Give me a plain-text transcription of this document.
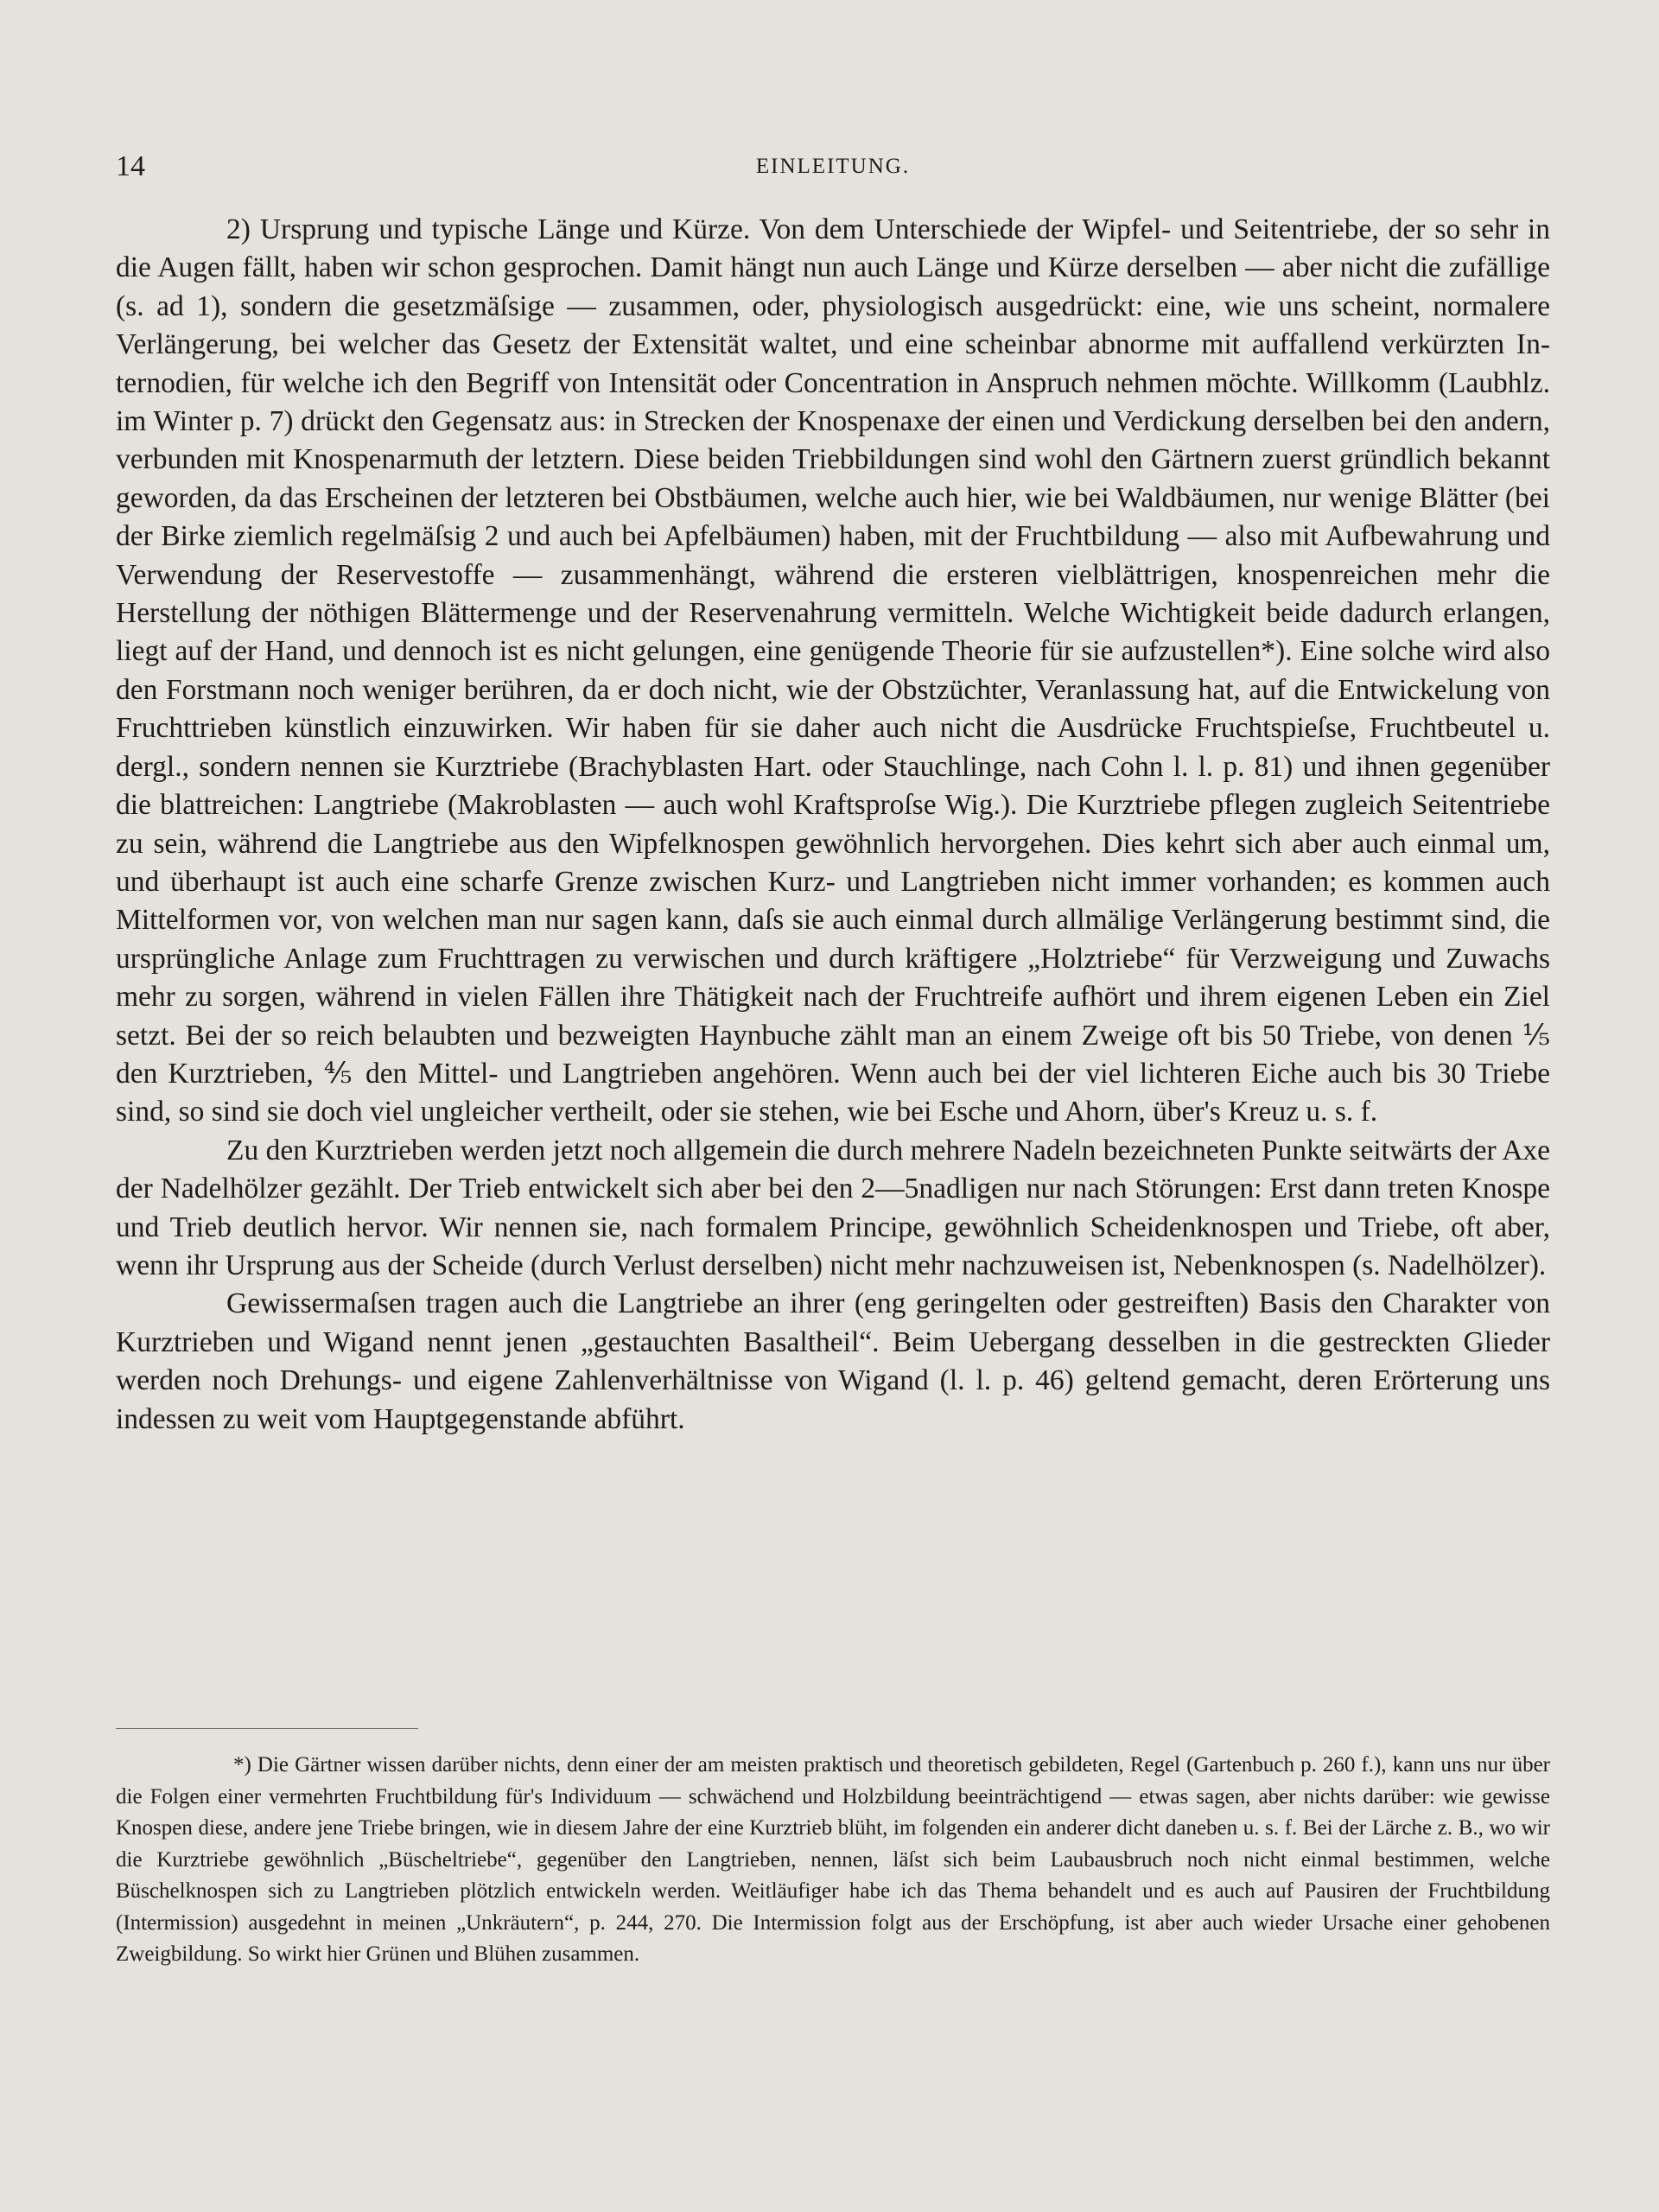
14	EINLEITUNG.

2) Ursprung und typische Länge und Kürze. Von dem Unterschiede der Wipfel- und Seitentriebe, der so sehr in die Augen fällt, haben wir schon gesprochen. Damit hängt nun auch Länge und Kürze derselben — aber nicht die zufällige (s. ad 1), sondern die gesetzmäſsige — zusammen, oder, physiologisch ausgedrückt: eine, wie uns scheint, normalere Verlängerung, bei welcher das Gesetz der Extensität waltet, und eine scheinbar abnorme mit auffallend verkürzten Internodien, für welche ich den Begriff von Intensität oder Concentration in Anspruch nehmen möchte. Willkomm (Laubhlz. im Winter p. 7) drückt den Gegensatz aus: in Strecken der Knospenaxe der einen und Verdickung derselben bei den andern, verbunden mit Knospenarmuth der letztern. Diese beiden Triebbildungen sind wohl den Gärtnern zuerst gründlich bekannt geworden, da das Erscheinen der letzteren bei Obstbäumen, welche auch hier, wie bei Waldbäumen, nur wenige Blätter (bei der Birke ziemlich regelmäſsig 2 und auch bei Apfelbäumen) haben, mit der Fruchtbildung — also mit Aufbewahrung und Verwendung der Reservestoffe — zusammenhängt, während die ersteren vielblättrigen, knospenreichen mehr die Herstellung der nöthigen Blättermenge und der Reservenahrung vermitteln. Welche Wichtigkeit beide dadurch erlangen, liegt auf der Hand, und dennoch ist es nicht gelungen, eine genügende Theorie für sie aufzustellen*). Eine solche wird also den Forstmann noch weniger berühren, da er doch nicht, wie der Obstzüchter, Veranlassung hat, auf die Entwickelung von Fruchttrieben künstlich einzuwirken. Wir haben für sie daher auch nicht die Ausdrücke Fruchtspieſse, Fruchtbeutel u. dergl., sondern nennen sie Kurztriebe (Brachyblasten Hart. oder Stauchlinge, nach Cohn l. l. p. 81) und ihnen gegenüber die blattreichen: Langtriebe (Makroblasten — auch wohl Kraftsproſse Wig.). Die Kurztriebe pflegen zugleich Seitentriebe zu sein, während die Langtriebe aus den Wipfelknospen gewöhnlich hervorgehen. Dies kehrt sich aber auch einmal um, und überhaupt ist auch eine scharfe Grenze zwischen Kurz- und Langtrieben nicht immer vorhanden; es kommen auch Mittelformen vor, von welchen man nur sagen kann, daſs sie auch einmal durch allmälige Verlängerung bestimmt sind, die ursprüngliche Anlage zum Fruchttragen zu verwischen und durch kräftigere „Holztriebe“ für Verzweigung und Zuwachs mehr zu sorgen, während in vielen Fällen ihre Thätigkeit nach der Fruchtreife aufhört und ihrem eigenen Leben ein Ziel setzt. Bei der so reich belaubten und bezweigten Haynbuche zählt man an einem Zweige oft bis 50 Triebe, von denen ⅕ den Kurztrieben, ⅘ den Mittel- und Langtrieben angehören. Wenn auch bei der viel lichteren Eiche auch bis 30 Triebe sind, so sind sie doch viel ungleicher vertheilt, oder sie stehen, wie bei Esche und Ahorn, über's Kreuz u. s. f.

Zu den Kurztrieben werden jetzt noch allgemein die durch mehrere Nadeln bezeichneten Punkte seitwärts der Axe der Nadelhölzer gezählt. Der Trieb entwickelt sich aber bei den 2—5nadligen nur nach Störungen: Erst dann treten Knospe und Trieb deutlich hervor. Wir nennen sie, nach formalem Principe, gewöhnlich Scheidenknospen und Triebe, oft aber, wenn ihr Ursprung aus der Scheide (durch Verlust derselben) nicht mehr nachzuweisen ist, Nebenknospen (s. Nadelhölzer).

Gewissermaſsen tragen auch die Langtriebe an ihrer (eng geringelten oder gestreiften) Basis den Charakter von Kurztrieben und Wigand nennt jenen „gestauchten Basaltheil“. Beim Uebergang desselben in die gestreckten Glieder werden noch Drehungs- und eigene Zahlenverhältnisse von Wigand (l. l. p. 46) geltend gemacht, deren Erörterung uns indessen zu weit vom Hauptgegenstande abführt.

*) Die Gärtner wissen darüber nichts, denn einer der am meisten praktisch und theoretisch gebildeten, Regel (Gartenbuch p. 260 f.), kann uns nur über die Folgen einer vermehrten Fruchtbildung für's Individuum — schwächend und Holzbildung beeinträchtigend — etwas sagen, aber nichts darüber: wie gewisse Knospen diese, andere jene Triebe bringen, wie in diesem Jahre der eine Kurztrieb blüht, im folgenden ein anderer dicht daneben u. s. f. Bei der Lärche z. B., wo wir die Kurztriebe gewöhnlich „Büscheltriebe“, gegenüber den Langtrieben, nennen, läſst sich beim Laubausbruch noch nicht einmal bestimmen, welche Büschelknospen sich zu Langtrieben plötzlich entwickeln werden. Weitläufiger habe ich das Thema behandelt und es auch auf Pausiren der Fruchtbildung (Intermission) ausgedehnt in meinen „Unkräutern“, p. 244, 270. Die Intermission folgt aus der Erschöpfung, ist aber auch wieder Ursache einer gehobenen Zweigbildung. So wirkt hier Grünen und Blühen zusammen.
